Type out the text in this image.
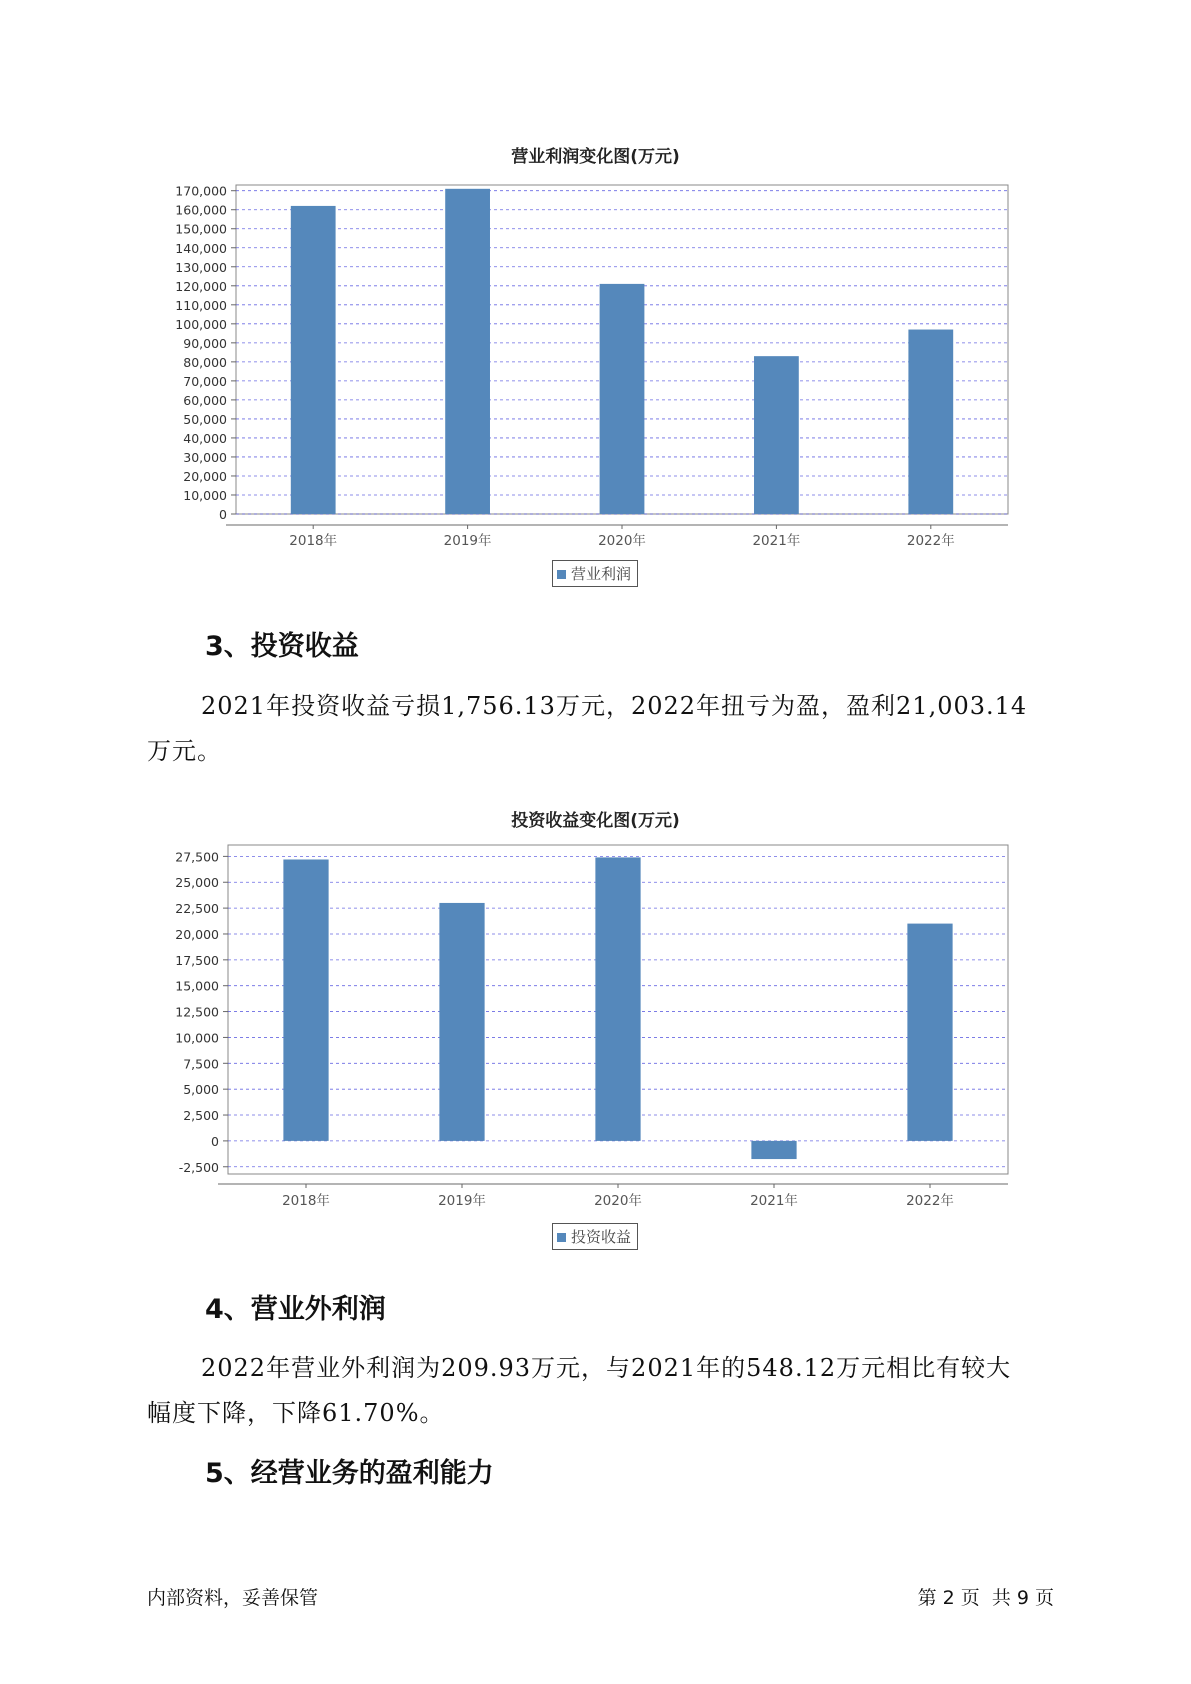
营业利润变化图(万元)
0
10,000
20,000
30,000
40,000
50,000
60,000
70,000
80,000
90,000
100,000
110,000
120,000
130,000
140,000
150,000
160,000
170,000
2018年	2019年	2020年	2021年	2022年
营业利润
3、投资收益
2021年投资收益亏损1,756.13万元，2022年扭亏为盈，盈利21,003.14
万元。
投资收益变化图(万元)
-2,500
0
2,500
5,000
7,500
10,000
12,500
15,000
17,500
20,000
22,500
25,000
27,500
2018年	2019年	2020年	2021年	2022年
投资收益
4、营业外利润
2022年营业外利润为209.93万元，与2021年的548.12万元相比有较大
幅度下降，下降61.70%。
5、经营业务的盈利能力
内部资料，妥善保管	第 2 页  共 9 页
